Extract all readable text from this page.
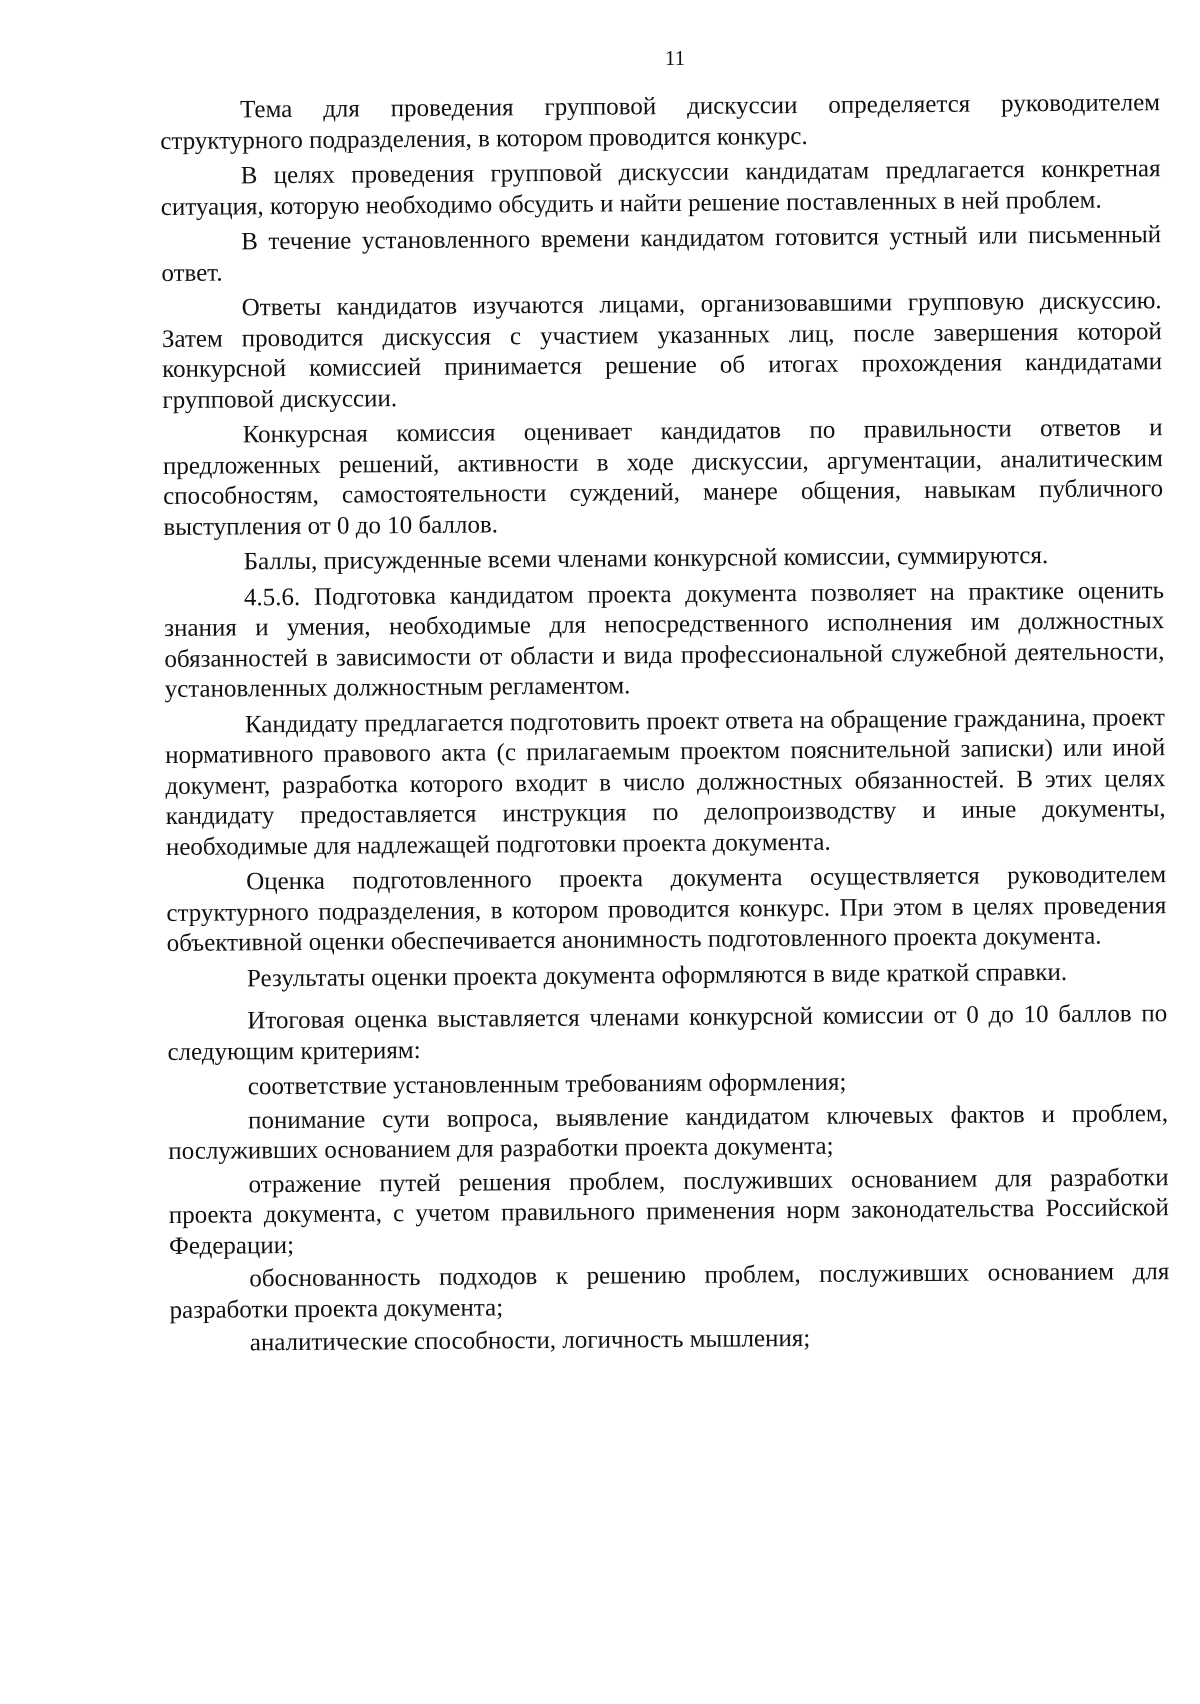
11

Тема для проведения групповой дискуссии определяется руководителем структурного подразделения, в котором проводится конкурс.

В целях проведения групповой дискуссии кандидатам предлагается конкретная ситуация, которую необходимо обсудить и найти решение поставленных в ней проблем.

В течение установленного времени кандидатом готовится устный или письменный ответ.

Ответы кандидатов изучаются лицами, организовавшими групповую дискуссию. Затем проводится дискуссия с участием указанных лиц, после завершения которой конкурсной комиссией принимается решение об итогах прохождения кандидатами групповой дискуссии.

Конкурсная комиссия оценивает кандидатов по правильности ответов и предложенных решений, активности в ходе дискуссии, аргументации, аналитическим способностям, самостоятельности суждений, манере общения, навыкам публичного выступления от 0 до 10 баллов.

Баллы, присужденные всеми членами конкурсной комиссии, суммируются.

4.5.6. Подготовка кандидатом проекта документа позволяет на практике оценить знания и умения, необходимые для непосредственного исполнения им должностных обязанностей в зависимости от области и вида профессиональной служебной деятельности, установленных должностным регламентом.

Кандидату предлагается подготовить проект ответа на обращение гражданина, проект нормативного правового акта (с прилагаемым проектом пояснительной записки) или иной документ, разработка которого входит в число должностных обязанностей. В этих целях кандидату предоставляется инструкция по делопроизводству и иные документы, необходимые для надлежащей подготовки проекта документа.

Оценка подготовленного проекта документа осуществляется руководителем структурного подразделения, в котором проводится конкурс. При этом в целях проведения объективной оценки обеспечивается анонимность подготовленного проекта документа.

Результаты оценки проекта документа оформляются в виде краткой справки.

Итоговая оценка выставляется членами конкурсной комиссии от 0 до 10 баллов по следующим критериям:

соответствие установленным требованиям оформления;

понимание сути вопроса, выявление кандидатом ключевых фактов и проблем, послуживших основанием для разработки проекта документа;

отражение путей решения проблем, послуживших основанием для разработки проекта документа, с учетом правильного применения норм законодательства Российской Федерации;

обоснованность подходов к решению проблем, послуживших основанием для разработки проекта документа;

аналитические способности, логичность мышления;
